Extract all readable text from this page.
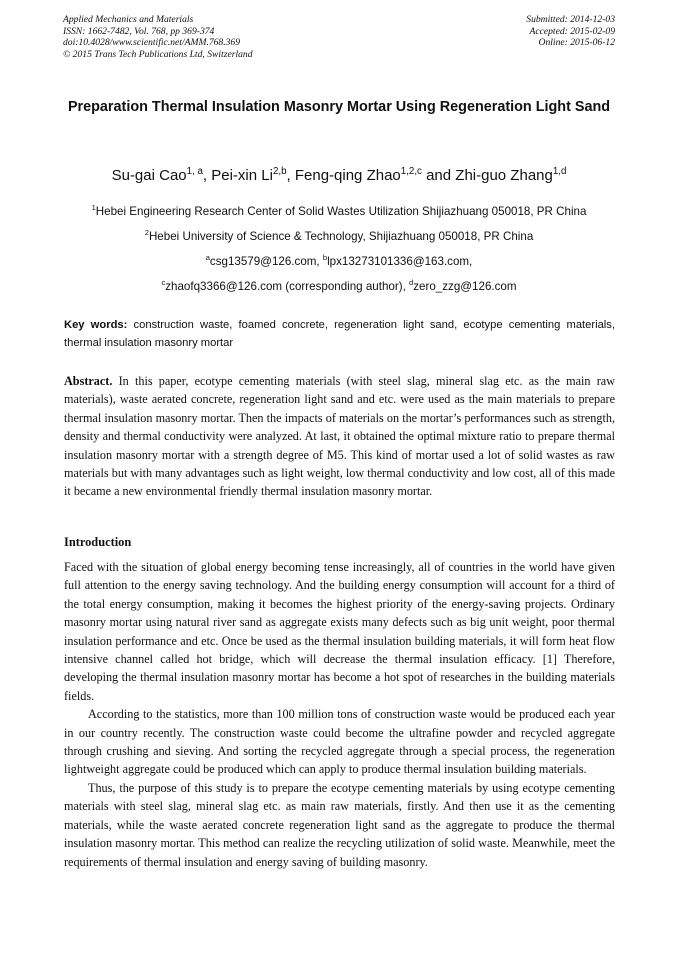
Applied Mechanics and Materials
ISSN: 1662-7482, Vol. 768, pp 369-374
doi:10.4028/www.scientific.net/AMM.768.369
© 2015 Trans Tech Publications Ltd, Switzerland
Submitted: 2014-12-03
Accepted: 2015-02-09
Online: 2015-06-12
Preparation Thermal Insulation Masonry Mortar Using Regeneration Light Sand
Su-gai Cao$^{1, a}$, Pei-xin Li$^{2,b}$, Feng-qing Zhao$^{1,2,c}$ and Zhi-guo Zhang$^{1,d}$
$^1$Hebei Engineering Research Center of Solid Wastes Utilization Shijiazhuang 050018, PR China
$^2$Hebei University of Science & Technology, Shijiazhuang 050018, PR China
$^a$csg13579@126.com, $^b$lpx13273101336@163.com,
$^c$zhaofq3366@126.com (corresponding author), $^d$zero_zzg@126.com
Key words: construction waste, foamed concrete, regeneration light sand, ecotype cementing materials, thermal insulation masonry mortar
Abstract. In this paper, ecotype cementing materials (with steel slag, mineral slag etc. as the main raw materials), waste aerated concrete, regeneration light sand and etc. were used as the main materials to prepare thermal insulation masonry mortar. Then the impacts of materials on the mortar’s performances such as strength, density and thermal conductivity were analyzed. At last, it obtained the optimal mixture ratio to prepare thermal insulation masonry mortar with a strength degree of M5. This kind of mortar used a lot of solid wastes as raw materials but with many advantages such as light weight, low thermal conductivity and low cost, all of this made it became a new environmental friendly thermal insulation masonry mortar.
Introduction

Faced with the situation of global energy becoming tense increasingly, all of countries in the world have given full attention to the energy saving technology. And the building energy consumption will account for a third of the total energy consumption, making it becomes the highest priority of the energy-saving projects. Ordinary masonry mortar using natural river sand as aggregate exists many defects such as big unit weight, poor thermal insulation performance and etc. Once be used as the thermal insulation building materials, it will form heat flow intensive channel called hot bridge, which will decrease the thermal insulation efficacy. [1] Therefore, developing the thermal insulation masonry mortar has become a hot spot of researches in the building materials fields.

According to the statistics, more than 100 million tons of construction waste would be produced each year in our country recently. The construction waste could become the ultrafine powder and recycled aggregate through crushing and sieving. And sorting the recycled aggregate through a special process, the regeneration lightweight aggregate could be produced which can apply to produce thermal insulation building materials.

Thus, the purpose of this study is to prepare the ecotype cementing materials by using ecotype cementing materials with steel slag, mineral slag etc. as main raw materials, firstly. And then use it as the cementing materials, while the waste aerated concrete regeneration light sand as the aggregate to produce the thermal insulation masonry mortar. This method can realize the recycling utilization of solid waste. Meanwhile, meet the requirements of thermal insulation and energy saving of building masonry.
